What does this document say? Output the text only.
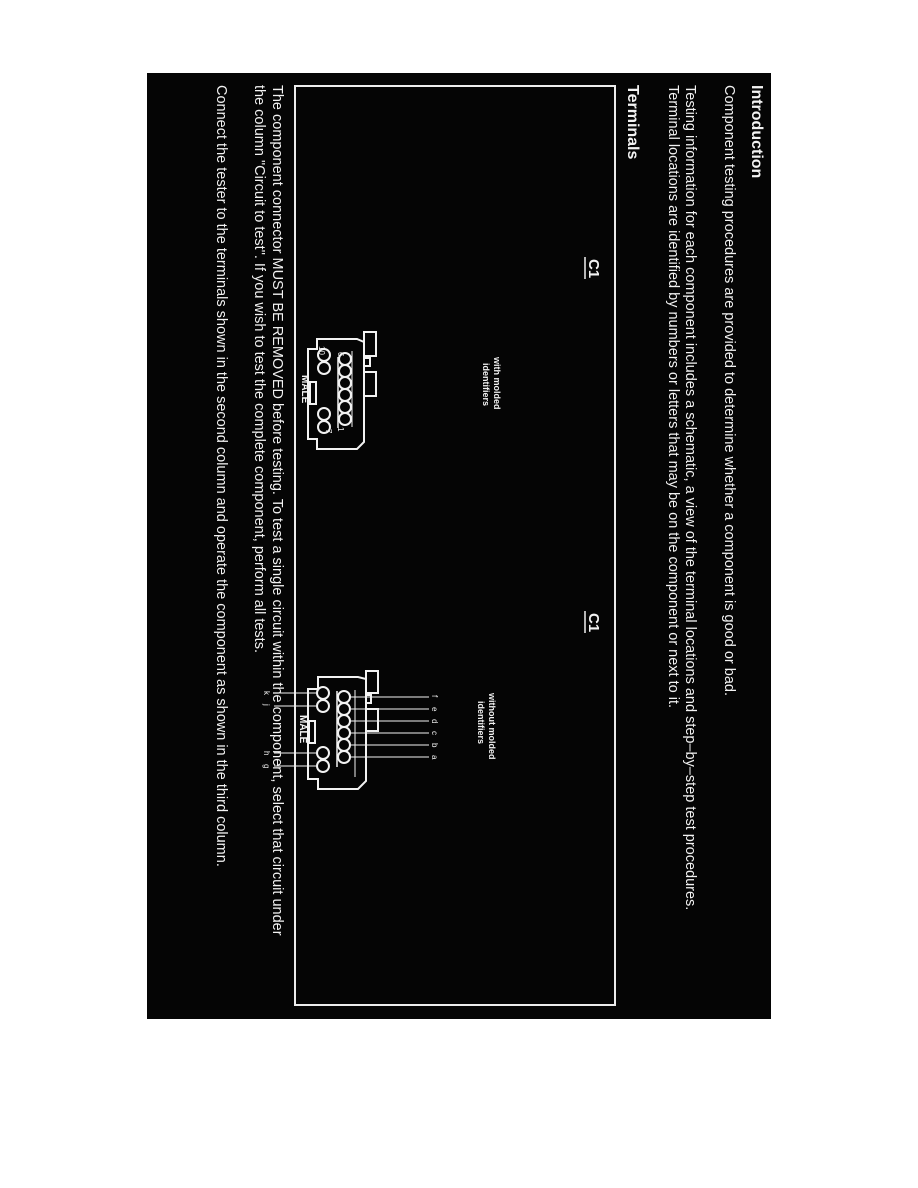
Introduction
Component testing procedures are provided to determine whether a component is good or bad.
Testing information for each component includes a schematic, a view of the terminal locations and step–by–step test procedures.
Terminal locations are identified by numbers or letters that may be on the component or next to it.
Terminals
C1
with molded
identifiers
6
1
7
10
MALE
C1
without molded
identifiers
MALE
a
b
c
d
e
f
g
h
j
k
The component connector MUST BE REMOVED before testing. To test a single circuit within the component, select that circuit under
the column "Circuit to test". If you wish to test the complete component, perform all tests.
Connect the tester to the terminals shown in the second column and operate the component as shown in the third column.
